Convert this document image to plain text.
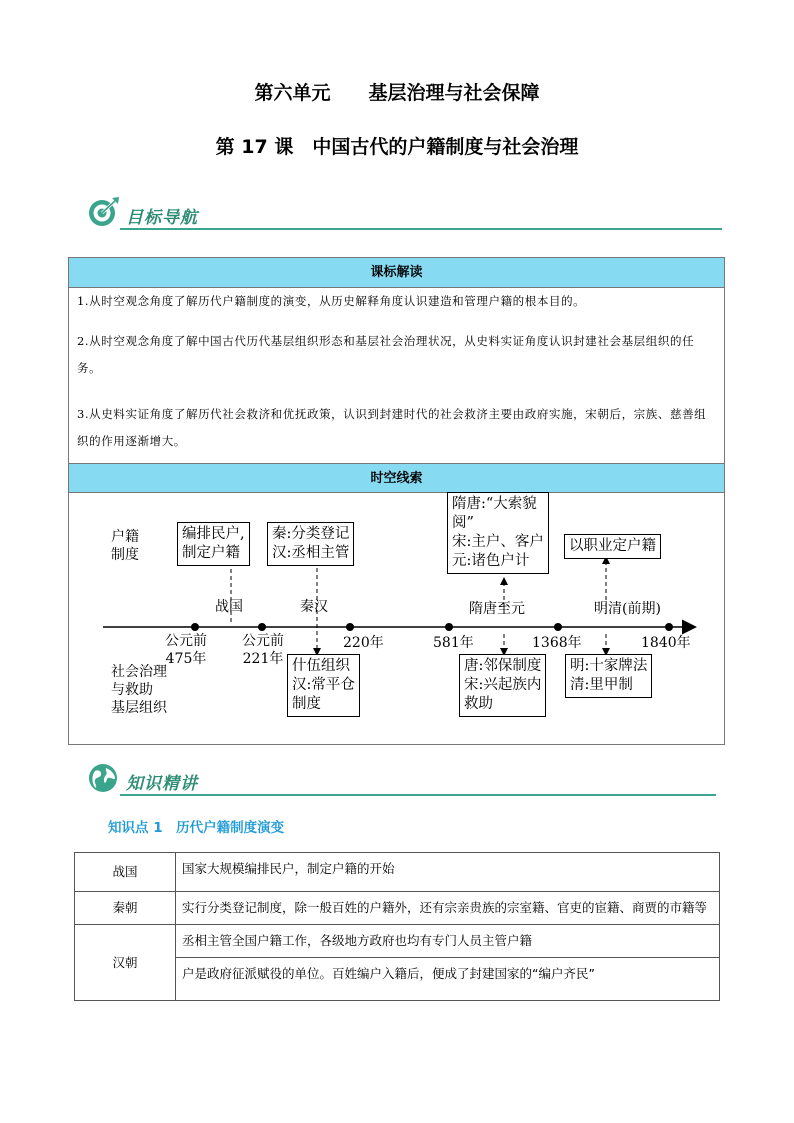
第六单元　　基层治理与社会保障
第 17 课　中国古代的户籍制度与社会治理
目标导航
课标解读
1.从时空观念角度了解历代户籍制度的演变，从历史解释角度认识建造和管理户籍的根本目的。
2.从时空观念角度了解中国古代历代基层组织形态和基层社会治理状况，从史料实证角度认识封建社会基层组织的任务。
3.从史料实证角度了解历代社会救济和优抚政策，认识到封建时代的社会救济主要由政府实施，宋朝后，宗族、慈善组织的作用逐渐增大。
时空线索
户籍
制度
社会治理
与救助
基层组织
战国	秦汉	隋唐至元	明清(前期)
公元前
475年
公元前
221年
220年	581年	1368年	1840年
编排民户,
制定户籍
秦:分类登记
汉:丞相主管
隋唐:“大索貌
阅”
宋:主户、客户
元:诸色户计
以职业定户籍
什伍组织
汉:常平仓
制度
唐:邻保制度
宋:兴起族内
救助
明:十家牌法
清:里甲制
知识精讲
知识点 1　历代户籍制度演变
战国	国家大规模编排民户，制定户籍的开始
秦朝	实行分类登记制度，除一般百姓的户籍外，还有宗亲贵族的宗室籍、官吏的宦籍、商贾的市籍等
汉朝	丞相主管全国户籍工作，各级地方政府也均有专门人员主管户籍
	户是政府征派赋役的单位。百姓编户入籍后，便成了封建国家的“编户齐民”
